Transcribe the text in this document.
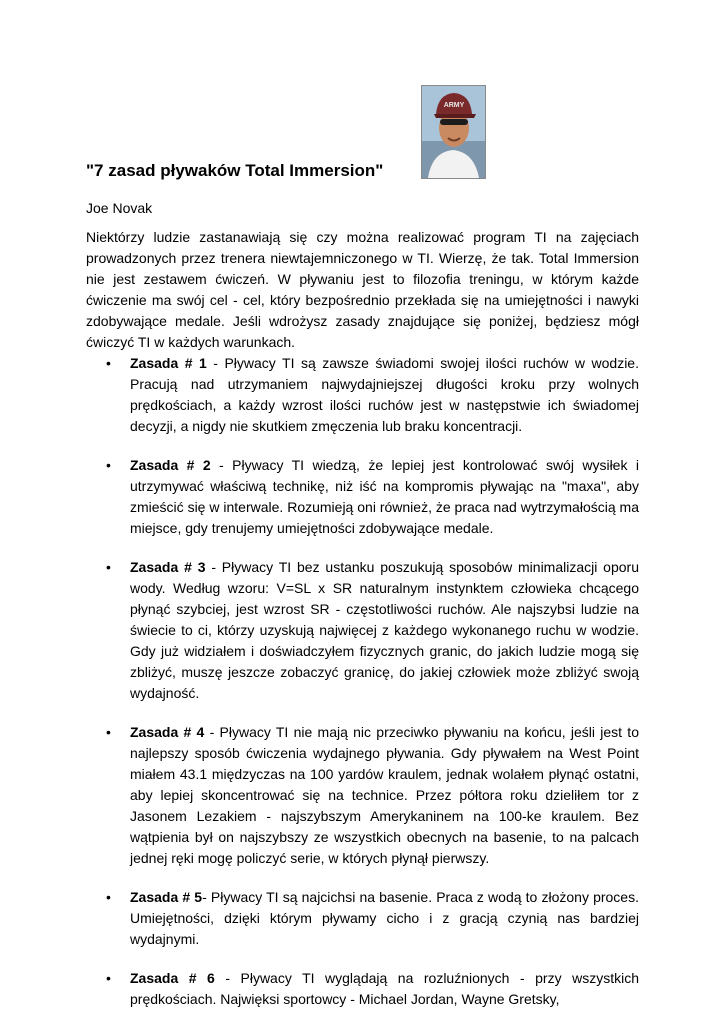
ARMY
"7 zasad pływaków Total Immersion"

Joe Novak

Niektórzy ludzie zastanawiają się czy można realizować program TI na zajęciach prowadzonych przez trenera niewtajemniczonego w TI. Wierzę, że tak. Total Immersion nie jest zestawem ćwiczeń. W pływaniu jest to filozofia treningu, w którym każde ćwiczenie ma swój cel - cel, który bezpośrednio przekłada się na umiejętności i nawyki zdobywające medale. Jeśli wdrożysz zasady znajdujące się poniżej, będziesz mógł ćwiczyć TI w każdych warunkach.

• Zasada # 1 - Pływacy TI są zawsze świadomi swojej ilości ruchów w wodzie. Pracują nad utrzymaniem najwydajniejszej długości kroku przy wolnych prędkościach, a każdy wzrost ilości ruchów jest w następstwie ich świadomej decyzji, a nigdy nie skutkiem zmęczenia lub braku koncentracji.
• Zasada # 2 - Pływacy TI wiedzą, że lepiej jest kontrolować swój wysiłek i utrzymywać właściwą technikę, niż iść na kompromis pływając na "maxa", aby zmieścić się w interwale. Rozumieją oni również, że praca nad wytrzymałością ma miejsce, gdy trenujemy umiejętności zdobywające medale.
• Zasada # 3 - Pływacy TI bez ustanku poszukują sposobów minimalizacji oporu wody. Według wzoru: V=SL x SR naturalnym instynktem człowieka chcącego płynąć szybciej, jest wzrost SR - częstotliwości ruchów. Ale najszybsi ludzie na świecie to ci, którzy uzyskują najwięcej z każdego wykonanego ruchu w wodzie. Gdy już widziałem i doświadczyłem fizycznych granic, do jakich ludzie mogą się zbliżyć, muszę jeszcze zobaczyć granicę, do jakiej człowiek może zbliżyć swoją wydajność.
• Zasada # 4 - Pływacy TI nie mają nic przeciwko pływaniu na końcu, jeśli jest to najlepszy sposób ćwiczenia wydajnego pływania. Gdy pływałem na West Point miałem 43.1 międzyczas na 100 yardów kraulem, jednak wolałem płynąć ostatni, aby lepiej skoncentrować się na technice. Przez półtora roku dzieliłem tor z Jasonem Lezakiem - najszybszym Amerykaninem na 100-ke kraulem. Bez wątpienia był on najszybszy ze wszystkich obecnych na basenie, to na palcach jednej ręki mogę policzyć serie, w których płynął pierwszy.
• Zasada # 5- Pływacy TI są najcichsi na basenie. Praca z wodą to złożony proces. Umiejętności, dzięki którym pływamy cicho i z gracją czynią nas bardziej wydajnymi.
• Zasada # 6 - Pływacy TI wyglądają na rozluźnionych - przy wszystkich prędkościach. Najwięksi sportowcy - Michael Jordan, Wayne Gretsky,
